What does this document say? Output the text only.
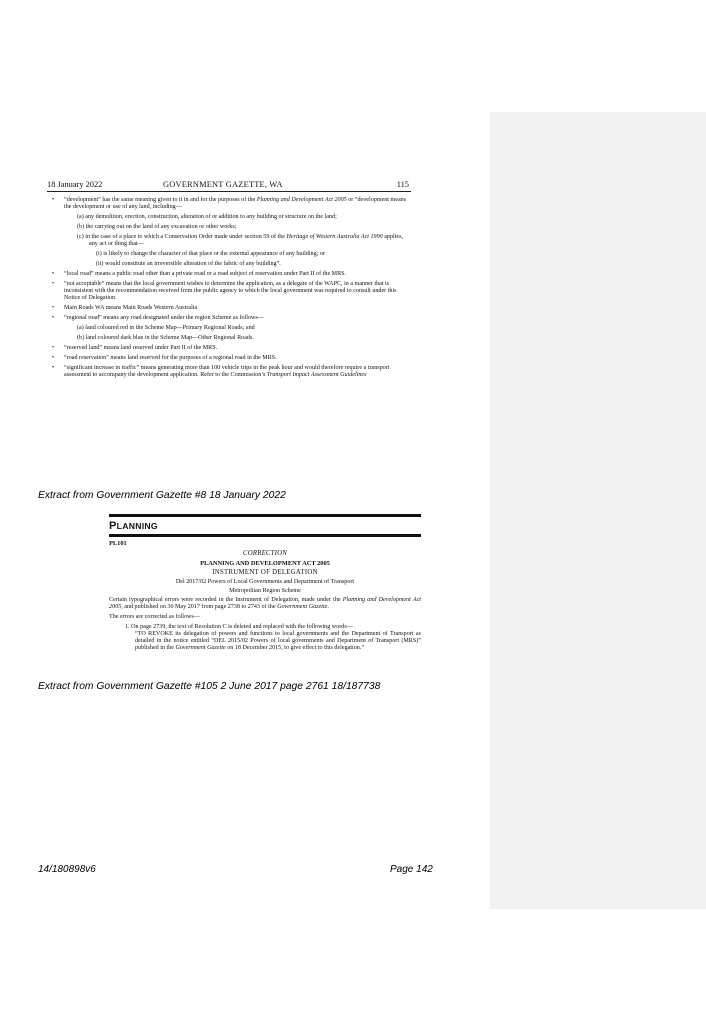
18 January 2022	GOVERNMENT GAZETTE, WA	115
• “development” has the same meaning given to it in and for the purposes of the Planning and Development Act 2005 or “development means the development or use of any land, including—
(a) any demolition, erection, construction, alteration of or addition to any building or structure on the land;
(b) the carrying out on the land of any excavation or other works;
(c) in the case of a place to which a Conservation Order made under section 59 of the Heritage of Western Australia Act 1990 applies, any act or thing that—
(i) is likely to change the character of that place or the external appearance of any building; or
(ii) would constitute an irreversible alteration of the fabric of any building”.
• “local road” means a public road other than a private road or a road subject of reservation under Part II of the MRS.
• “not acceptable” means that the local government wishes to determine the application, as a delegate of the WAPC, in a manner that is inconsistent with the recommendation received from the public agency to which the local government was required to consult under this Notice of Delegation.
• Main Roads WA means Main Roads Western Australia
• “regional road” means any road designated under the region Scheme as follows—
(a) land coloured red in the Scheme Map—Primary Regional Roads; and
(b) land coloured dark blue in the Scheme Map—Other Regional Roads.
• “reserved land” means land reserved under Part II of the MRS.
• “road reservation” means land reserved for the purposes of a regional road in the MRS.
• “significant increase in traffic” means generating more than 100 vehicle trips in the peak hour and would therefore require a transport assessment to accompany the development application. Refer to the Commission’s Transport Impact Assessment Guidelines
Extract from Government Gazette #8 18 January 2022
PLANNING
PL101
CORRECTION
PLANNING AND DEVELOPMENT ACT 2005
INSTRUMENT OF DELEGATION
Del 2017/02 Powers of Local Governments and Department of Transport
Metropolitan Region Scheme
Certain typographical errors were recorded in the Instrument of Delegation, made under the Planning and Development Act 2005, and published on 30 May 2017 from page 2738 to 2743 of the Government Gazette.
The errors are corrected as follows—
1. On page 2739, the text of Resolution C is deleted and replaced with the following words—
“TO REVOKE its delegation of powers and functions to local governments and the Department of Transport as detailed in the notice entitled “DEL 2015/02 Powers of local governments and Department of Transport (MRS)” published in the Government Gazette on 18 December 2015, to give effect to this delegation.”
Extract from Government Gazette #105 2 June 2017 page 2761 18/187738
14/180898v6	Page 142
